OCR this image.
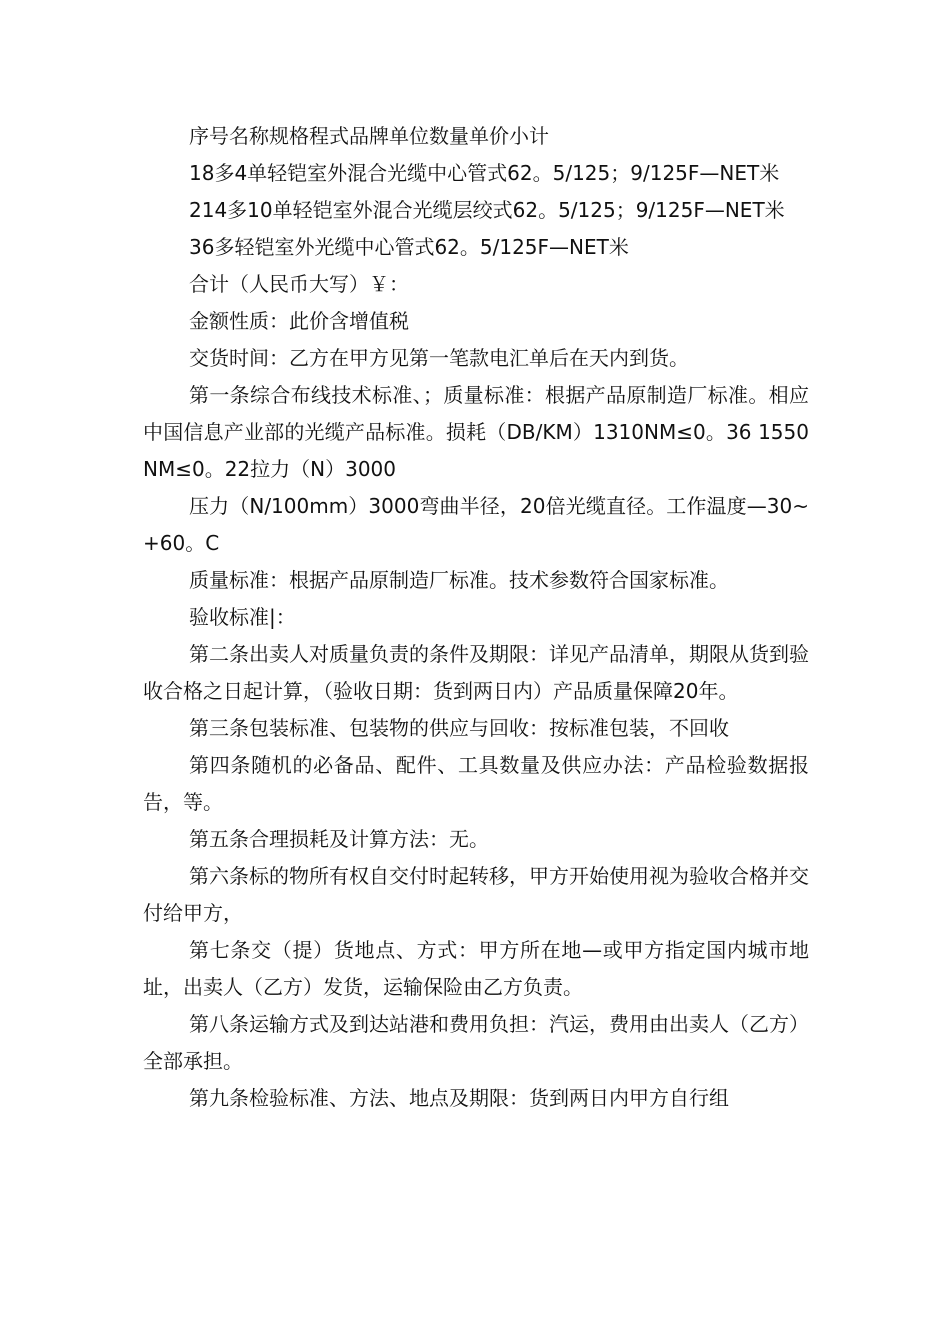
序号名称规格程式品牌单位数量单价小计

18多4单轻铠室外混合光缆中心管式62。5/125；9/125F—NET米

214多10单轻铠室外混合光缆层绞式62。5/125；9/125F—NET米

36多轻铠室外光缆中心管式62。5/125F—NET米

合计（人民币大写）￥：

金额性质：此价含增值税

交货时间：乙方在甲方见第一笔款电汇单后在天内到货。

第一条综合布线技术标准、；质量标准：根据产品原制造厂标准。相应中国信息产业部的光缆产品标准。损耗（DB/KM）1310NM≤0。36 1550NM≤0。22拉力（N）3000

压力（N/100mm）3000弯曲半径，20倍光缆直径。工作温度—30~+60。C

质量标准：根据产品原制造厂标准。技术参数符合国家标准。

验收标准|：

第二条出卖人对质量负责的条件及期限：详见产品清单，期限从货到验收合格之日起计算，（验收日期：货到两日内）产品质量保障20年。

第三条包装标准、包装物的供应与回收：按标准包装，不回收

第四条随机的必备品、配件、工具数量及供应办法：产品检验数据报告，等。

第五条合理损耗及计算方法：无。

第六条标的物所有权自交付时起转移，甲方开始使用视为验收合格并交付给甲方，

第七条交（提）货地点、方式：甲方所在地—或甲方指定国内城市地址，出卖人（乙方）发货，运输保险由乙方负责。

第八条运输方式及到达站港和费用负担：汽运，费用由出卖人（乙方）全部承担。

第九条检验标准、方法、地点及期限：货到两日内甲方自行组
